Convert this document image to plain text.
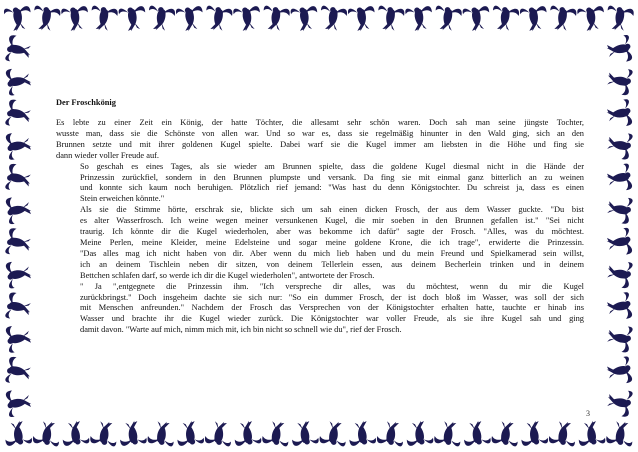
Der Froschkönig

Es lebte zu einer Zeit ein König, der hatte Töchter, die allesamt sehr schön waren. Doch sah man seine jüngste Tochter,
wusste man, dass sie die Schönste von allen war. Und so war es, dass sie regelmäßig hinunter in den Wald ging, sich an den
Brunnen setzte und mit ihrer goldenen Kugel spielte. Dabei warf sie die Kugel immer am liebsten in die Höhe und fing sie
dann wieder voller Freude auf.

So geschah es eines Tages, als sie wieder am Brunnen spielte, dass die goldene Kugel diesmal nicht in die Hände der
Prinzessin zurückfiel, sondern in den Brunnen plumpste und versank. Da fing sie mit einmal ganz bitterlich an zu weinen
und konnte sich kaum noch beruhigen. Plötzlich rief jemand: "Was hast du denn Königstochter. Du schreist ja, dass es einen
Stein erweichen könnte."

Als sie die Stimme hörte, erschrak sie, blickte sich um sah einen dicken Frosch, der aus dem Wasser guckte. "Du bist
es alter Wasserfrosch. Ich weine wegen meiner versunkenen Kugel, die mir soeben in den Brunnen gefallen ist." "Sei nicht
traurig. Ich könnte dir die Kugel wiederholen, aber was bekomme ich dafür" sagte der Frosch. "Alles, was du möchtest.
Meine Perlen, meine Kleider, meine Edelsteine und sogar meine goldene Krone, die ich trage", erwiderte die Prinzessin.
"Das alles mag ich nicht haben von dir. Aber wenn du mich lieb haben und du mein Freund und Spielkamerad sein willst,
ich an deinem Tischlein neben dir sitzen, von deinem Tellerlein essen, aus deinem Becherlein trinken und in deinem
Bettchen schlafen darf, so werde ich dir die Kugel wiederholen", antwortete der Frosch.

" Ja ",entgegnete die Prinzessin ihm. "Ich verspreche dir alles, was du möchtest, wenn du mir die Kugel
zurückbringst." Doch insgeheim dachte sie sich nur: "So ein dummer Frosch, der ist doch bloß im Wasser, was soll der sich
mit Menschen anfreunden." Nachdem der Frosch das Versprechen von der Königstochter erhalten hatte, tauchte er hinab ins
Wasser und brachte ihr die Kugel wieder zurück. Die Königstochter war voller Freude, als sie ihre Kugel sah und ging
damit davon. "Warte auf mich, nimm mich mit, ich bin nicht so schnell wie du", rief der Frosch.

3
